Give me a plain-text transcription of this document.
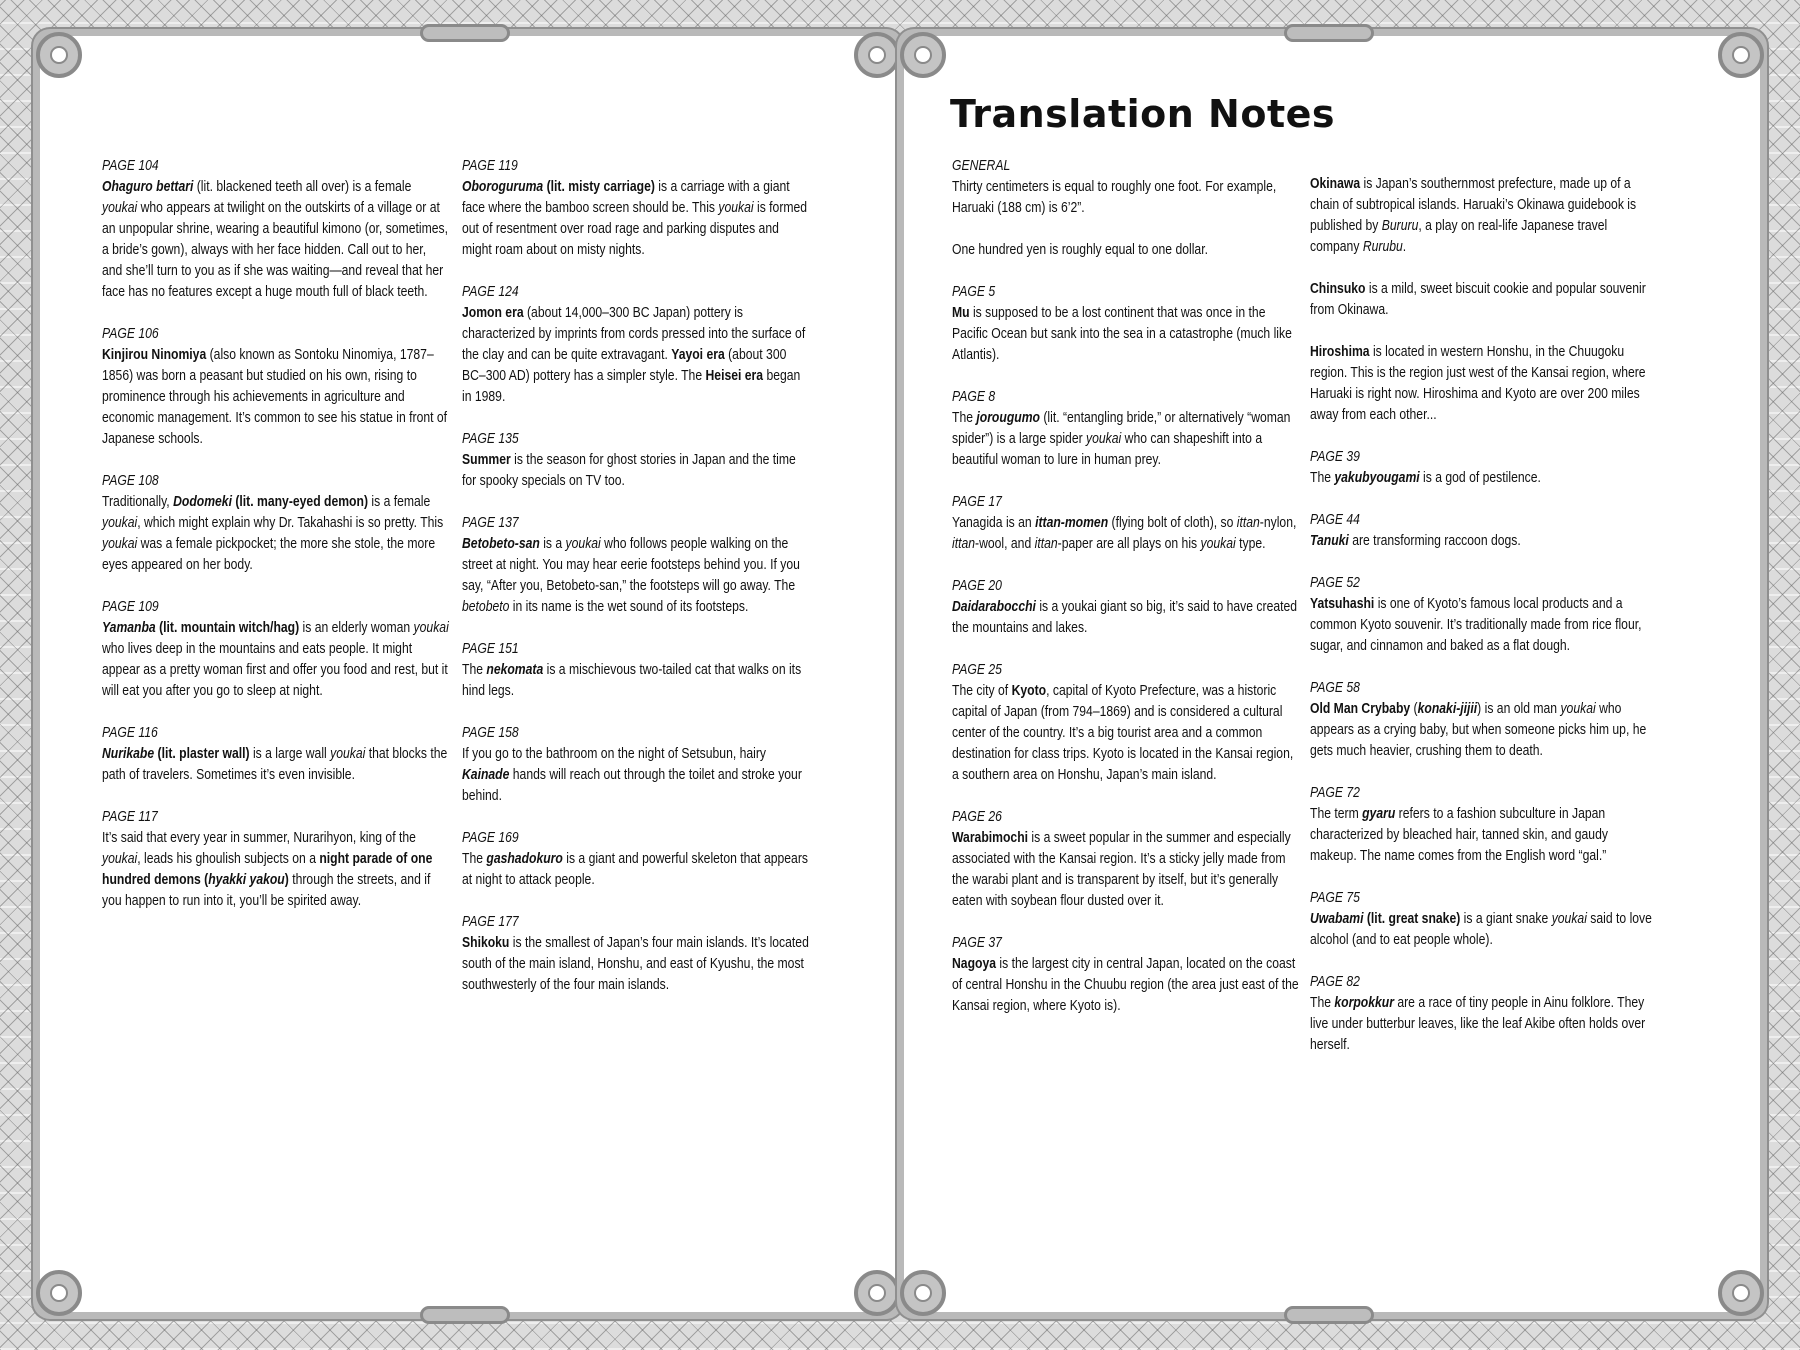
PAGE 104

Ohaguro bettari (lit. blackened teeth all over) is a female youkai who appears at twilight on the outskirts of a village or at an unpopular shrine, wearing a beautiful kimono (or, sometimes, a bride’s gown), always with her face hidden. Call out to her, and she’ll turn to you as if she was waiting—and reveal that her face has no features except a huge mouth full of black teeth.

PAGE 106

Kinjirou Ninomiya (also known as Sontoku Ninomiya, 1787–1856) was born a peasant but studied on his own, rising to prominence through his achievements in agriculture and economic management. It’s common to see his statue in front of Japanese schools.

PAGE 108

Traditionally, Dodomeki (lit. many-eyed demon) is a female youkai, which might explain why Dr. Takahashi is so pretty. This youkai was a female pickpocket; the more she stole, the more eyes appeared on her body.

PAGE 109

Yamanba (lit. mountain witch/hag) is an elderly woman youkai who lives deep in the mountains and eats people. It might appear as a pretty woman first and offer you food and rest, but it will eat you after you go to sleep at night.

PAGE 116

Nurikabe (lit. plaster wall) is a large wall youkai that blocks the path of travelers. Sometimes it’s even invisible.

PAGE 117

It’s said that every year in summer, Nurarihyon, king of the youkai, leads his ghoulish subjects on a night parade of one hundred demons (hyakki yakou) through the streets, and if you happen to run into it, you’ll be spirited away.

PAGE 119

Oboroguruma (lit. misty carriage) is a carriage with a giant face where the bamboo screen should be. This youkai is formed out of resentment over road rage and parking disputes and might roam about on misty nights.

PAGE 124

Jomon era (about 14,000–300 BC Japan) pottery is characterized by imprints from cords pressed into the surface of the clay and can be quite extravagant. Yayoi era (about 300 BC–300 AD) pottery has a simpler style. The Heisei era began in 1989.

PAGE 135

Summer is the season for ghost stories in Japan and the time for spooky specials on TV too.

PAGE 137

Betobeto-san is a youkai who follows people walking on the street at night. You may hear eerie footsteps behind you. If you say, “After you, Betobeto-san,” the footsteps will go away. The betobeto in its name is the wet sound of its footsteps.

PAGE 151

The nekomata is a mischievous two-tailed cat that walks on its hind legs.

PAGE 158

If you go to the bathroom on the night of Setsubun, hairy Kainade hands will reach out through the toilet and stroke your behind.

PAGE 169

The gashadokuro is a giant and powerful skeleton that appears at night to attack people.

PAGE 177

Shikoku is the smallest of Japan’s four main islands. It’s located south of the main island, Honshu, and east of Kyushu, the most southwesterly of the four main islands.

Translation Notes
GENERAL

Thirty centimeters is equal to roughly one foot. For example, Haruaki (188 cm) is 6’2”.

One hundred yen is roughly equal to one dollar.

PAGE 5

Mu is supposed to be a lost continent that was once in the Pacific Ocean but sank into the sea in a catastrophe (much like Atlantis).

PAGE 8

The jorougumo (lit. “entangling bride,” or alternatively “woman spider”) is a large spider youkai who can shapeshift into a beautiful woman to lure in human prey.

PAGE 17

Yanagida is an ittan-momen (flying bolt of cloth), so ittan-nylon, ittan-wool, and ittan-paper are all plays on his youkai type.

PAGE 20

Daidarabocchi is a youkai giant so big, it’s said to have created the mountains and lakes.

PAGE 25

The city of Kyoto, capital of Kyoto Prefecture, was a historic capital of Japan (from 794–1869) and is considered a cultural center of the country. It’s a big tourist area and a common destination for class trips. Kyoto is located in the Kansai region, a southern area on Honshu, Japan’s main island.

PAGE 26

Warabimochi is a sweet popular in the summer and especially associated with the Kansai region. It’s a sticky jelly made from the warabi plant and is transparent by itself, but it’s generally eaten with soybean flour dusted over it.

PAGE 37

Nagoya is the largest city in central Japan, located on the coast of central Honshu in the Chuubu region (the area just east of the Kansai region, where Kyoto is).

Okinawa is Japan’s southernmost prefecture, made up of a chain of subtropical islands. Haruaki’s Okinawa guidebook is published by Bururu, a play on real-life Japanese travel company Rurubu.

Chinsuko is a mild, sweet biscuit cookie and popular souvenir from Okinawa.

Hiroshima is located in western Honshu, in the Chuugoku region. This is the region just west of the Kansai region, where Haruaki is right now. Hiroshima and Kyoto are over 200 miles away from each other...

PAGE 39

The yakubyougami is a god of pestilence.

PAGE 44

Tanuki are transforming raccoon dogs.

PAGE 52

Yatsuhashi is one of Kyoto’s famous local products and a common Kyoto souvenir. It’s traditionally made from rice flour, sugar, and cinnamon and baked as a flat dough.

PAGE 58

Old Man Crybaby (konaki-jijii) is an old man youkai who appears as a crying baby, but when someone picks him up, he gets much heavier, crushing them to death.

PAGE 72

The term gyaru refers to a fashion subculture in Japan characterized by bleached hair, tanned skin, and gaudy makeup. The name comes from the English word “gal.”

PAGE 75

Uwabami (lit. great snake) is a giant snake youkai said to love alcohol (and to eat people whole).

PAGE 82

The korpokkur are a race of tiny people in Ainu folklore. They live under butterbur leaves, like the leaf Akibe often holds over herself.
